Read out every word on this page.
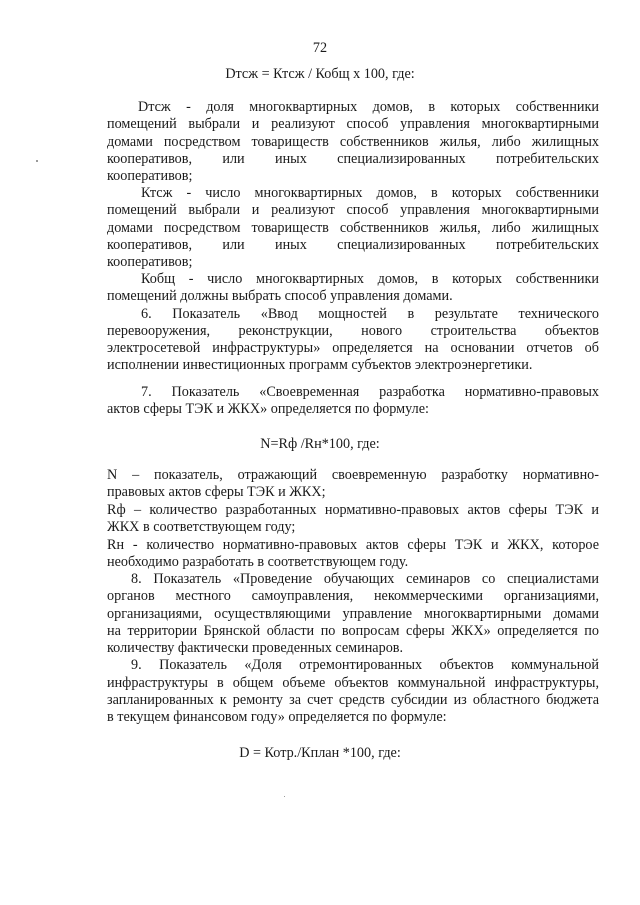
72
Dтсж = Ктсж / Кобщ х 100, где:
Dтсж - доля многоквартирных домов, в которых собственники
помещений выбрали и реализуют способ управления многоквартирными
домами посредством товариществ собственников жилья, либо жилищных
кооперативов, или иных специализированных потребительских
кооперативов;
Ктсж - число многоквартирных домов, в которых собственники
помещений выбрали и реализуют способ управления многоквартирными
домами посредством товариществ собственников жилья, либо жилищных
кооперативов, или иных специализированных потребительских
кооперативов;
Кобщ - число многоквартирных домов, в которых собственники
помещений должны выбрать способ управления домами.
6. Показатель «Ввод мощностей в результате технического
перевооружения, реконструкции, нового строительства объектов
электросетевой инфраструктуры» определяется на основании отчетов об
исполнении инвестиционных программ субъектов электроэнергетики.
7. Показатель «Своевременная разработка нормативно-правовых
актов сферы ТЭК и ЖКХ» определяется по формуле:
N=Rф /Rн*100, где:
N – показатель, отражающий своевременную разработку нормативно-
правовых актов сферы ТЭК и ЖКХ;
Rф – количество разработанных нормативно-правовых актов сферы ТЭК и
ЖКХ в соответствующем году;
Rн - количество нормативно-правовых актов сферы ТЭК и ЖКХ, которое
необходимо разработать в соответствующем году.
8. Показатель «Проведение обучающих семинаров со специалистами
органов местного самоуправления, некоммерческими организациями,
организациями, осуществляющими управление многоквартирными домами
на территории Брянской области по вопросам сферы ЖКХ» определяется по
количеству фактически проведенных семинаров.
9. Показатель «Доля отремонтированных объектов коммунальной
инфраструктуры в общем объеме объектов коммунальной инфраструктуры,
запланированных к ремонту за счет средств субсидии из областного бюджета
в текущем финансовом году» определяется по формуле:
D = Котр./Кплан *100, где:
